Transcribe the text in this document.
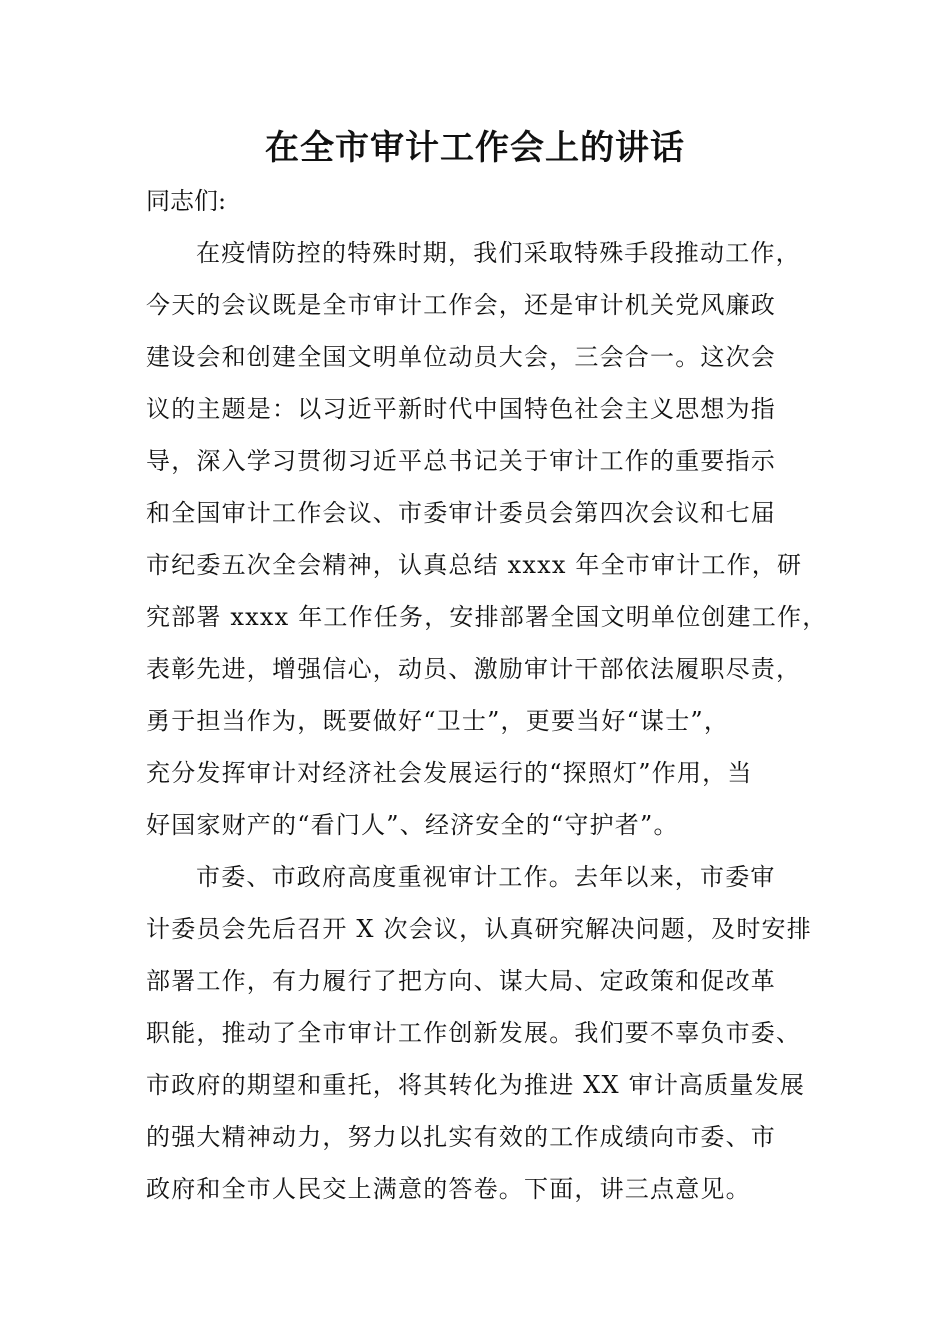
在全市审计工作会上的讲话
同志们:
在疫情防控的特殊时期，我们采取特殊手段推动工作，
今天的会议既是全市审计工作会，还是审计机关党风廉政
建设会和创建全国文明单位动员大会，三会合一。这次会
议的主题是：以习近平新时代中国特色社会主义思想为指
导，深入学习贯彻习近平总书记关于审计工作的重要指示
和全国审计工作会议、市委审计委员会第四次会议和七届
市纪委五次全会精神，认真总结 xxxx 年全市审计工作，研
究部署 xxxx 年工作任务，安排部署全国文明单位创建工作，
表彰先进，增强信心，动员、激励审计干部依法履职尽责，
勇于担当作为，既要做好“卫士”，更要当好“谋士”，
充分发挥审计对经济社会发展运行的“探照灯”作用，当
好国家财产的“看门人”、经济安全的“守护者”。
市委、市政府高度重视审计工作。去年以来，市委审
计委员会先后召开 X 次会议，认真研究解决问题，及时安排
部署工作，有力履行了把方向、谋大局、定政策和促改革
职能，推动了全市审计工作创新发展。我们要不辜负市委、
市政府的期望和重托，将其转化为推进 XX 审计高质量发展
的强大精神动力，努力以扎实有效的工作成绩向市委、市
政府和全市人民交上满意的答卷。下面，讲三点意见。
